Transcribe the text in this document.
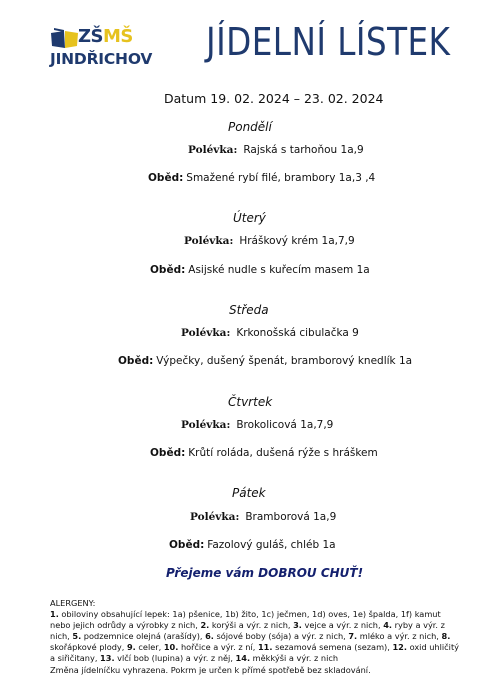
ZŠMŠ
JINDŘICHOV JÍDELNÍ LÍSTEK
Datum 19. 02. 2024 – 23. 02. 2024
Pondělí
Polévka: Rajská s tarhoňou 1a,9
Oběd: Smažené rybí filé, brambory 1a,3 ,4
Úterý
Polévka: Hráškový krém 1a,7,9
Oběd: Asijské nudle s kuřecím masem 1a
Středa
Polévka: Krkonošská cibulačka 9
Oběd: Výpečky, dušený špenát, bramborový knedlík 1a
Čtvrtek
Polévka: Brokolicová 1a,7,9
Oběd: Krůtí roláda, dušená rýže s hráškem
Pátek
Polévka: Bramborová 1a,9
Oběd: Fazolový guláš, chléb 1a
Přejeme vám DOBROU CHUŤ!

ALERGENY:

1. obiloviny obsahující lepek: 1a) pšenice, 1b) žito, 1c) ječmen, 1d) oves, 1e) špalda, 1f) kamut nebo jejich odrůdy a výrobky z nich, 2. korýši a výr. z nich, 3. vejce a výr. z nich, 4. ryby a výr. z nich, 5. podzemnice olejná (arašídy), 6. sójové boby (sója) a výr. z nich, 7. mléko a výr. z nich, 8. skořápkové plody, 9. celer, 10. hořčice a výr. z ní, 11. sezamová semena (sezam), 12. oxid uhličitý a siřičitany, 13. vlčí bob (lupina) a výr. z něj, 14. měkkýši a výr. z nich

Změna jídelníčku vyhrazena. Pokrm je určen k přímé spotřebě bez skladování.
